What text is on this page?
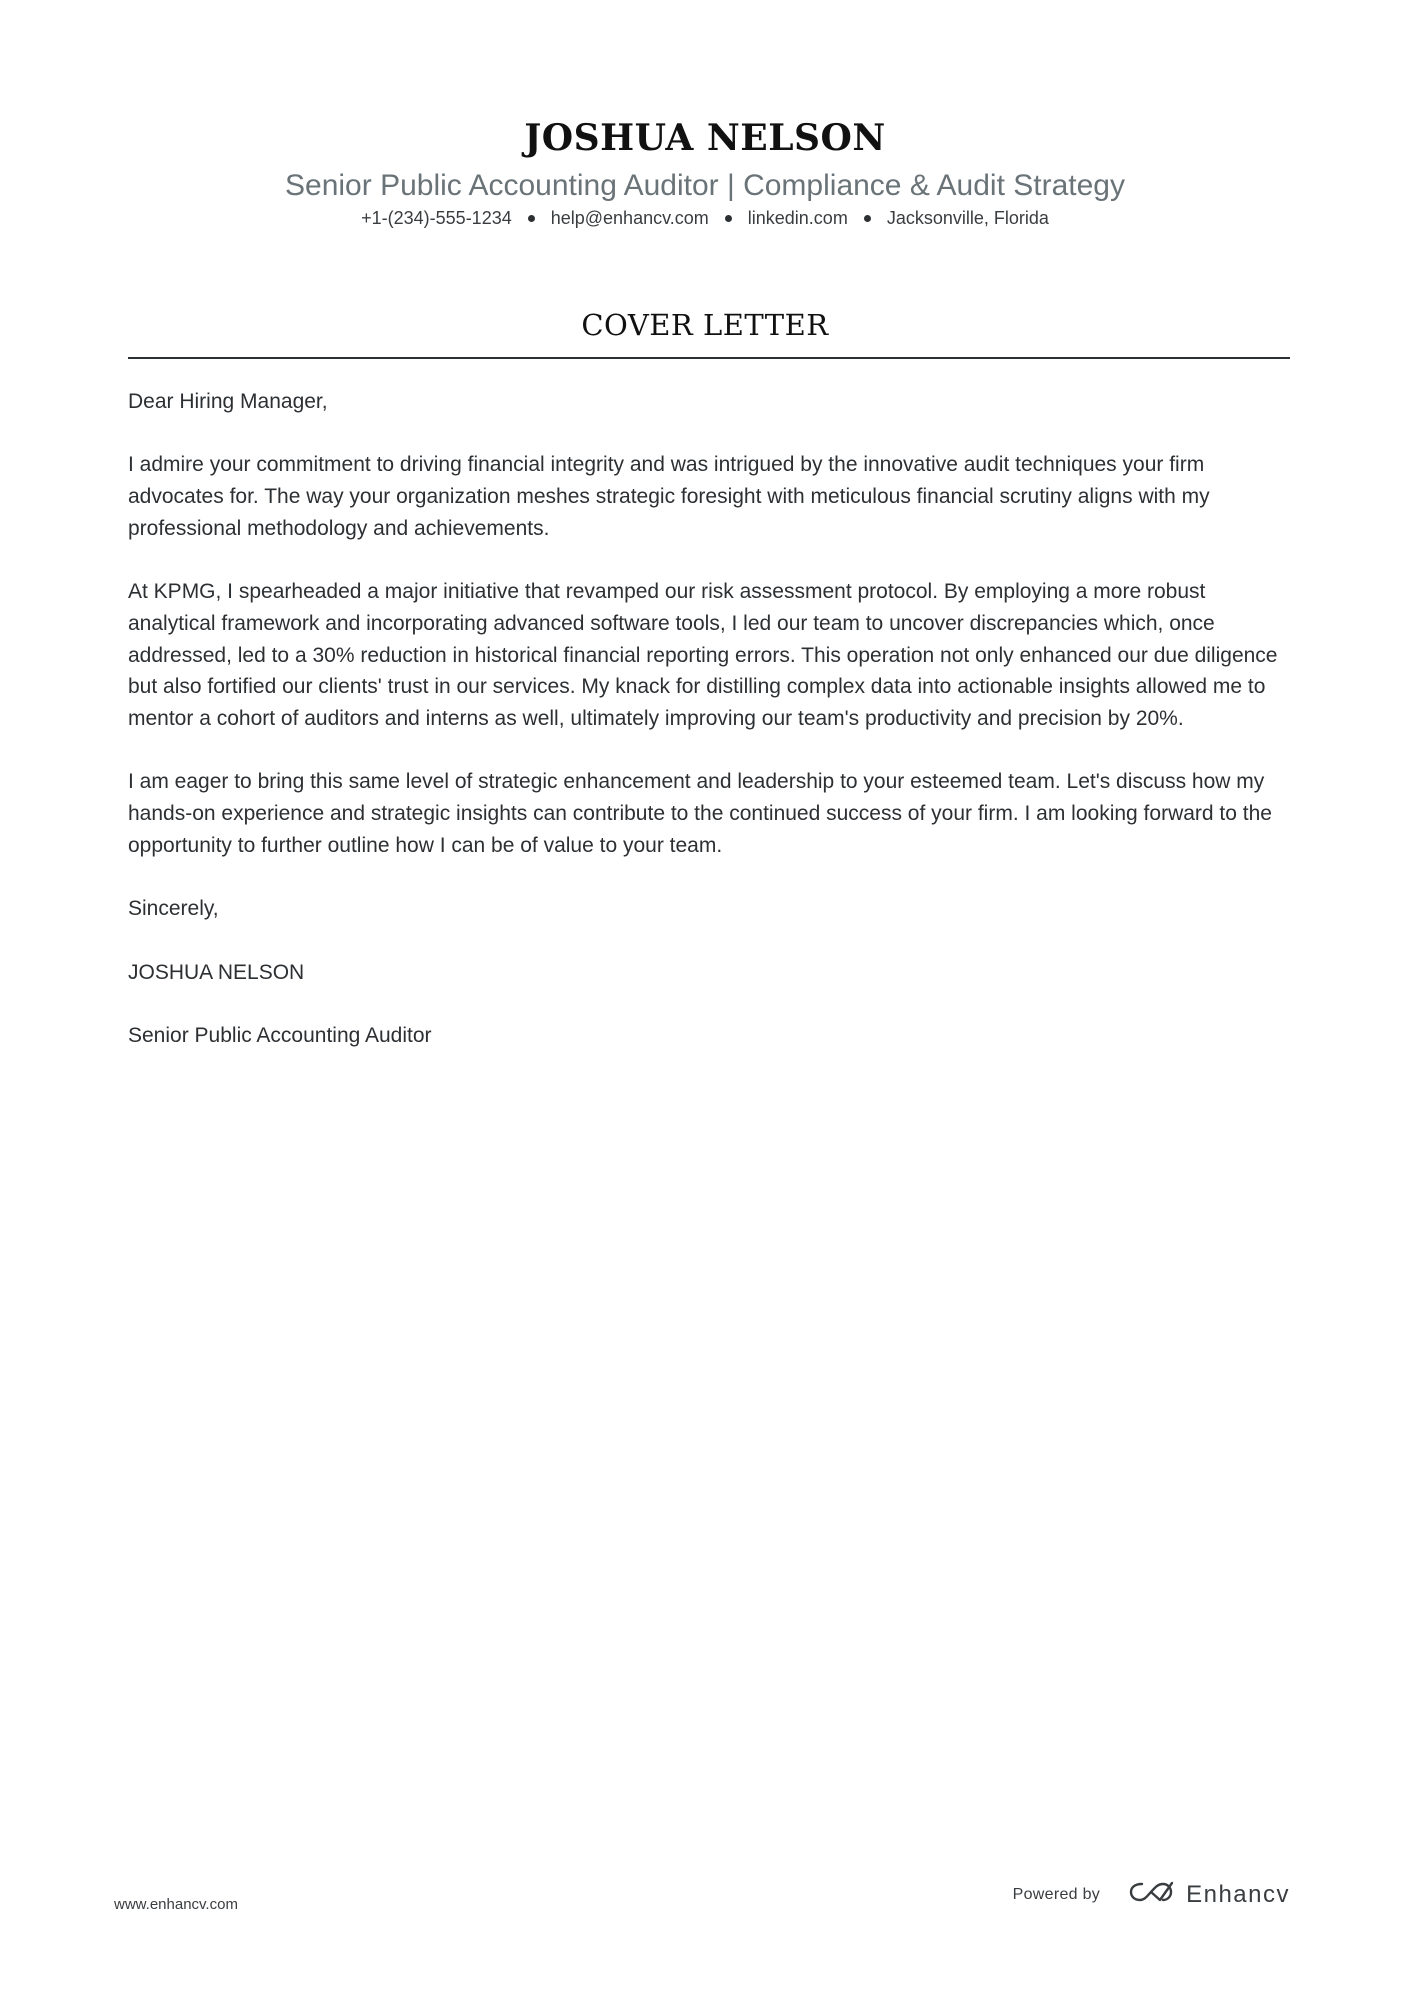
JOSHUA NELSON
Senior Public Accounting Auditor | Compliance & Audit Strategy
+1-(234)-555-1234 help@enhancv.com linkedin.com Jacksonville, Florida
COVER LETTER

Dear Hiring Manager,

I admire your commitment to driving financial integrity and was intrigued by the innovative audit techniques your firm advocates for. The way your organization meshes strategic foresight with meticulous financial scrutiny aligns with my professional methodology and achievements.

At KPMG, I spearheaded a major initiative that revamped our risk assessment protocol. By employing a more robust analytical framework and incorporating advanced software tools, I led our team to uncover discrepancies which, once addressed, led to a 30% reduction in historical financial reporting errors. This operation not only enhanced our due diligence but also fortified our clients' trust in our services. My knack for distilling complex data into actionable insights allowed me to mentor a cohort of auditors and interns as well, ultimately improving our team's productivity and precision by 20%.

I am eager to bring this same level of strategic enhancement and leadership to your esteemed team. Let's discuss how my hands-on experience and strategic insights can contribute to the continued success of your firm. I am looking forward to the opportunity to further outline how I can be of value to your team.

Sincerely,

JOSHUA NELSON

Senior Public Accounting Auditor

www.enhancv.com
Powered by	Enhancv
